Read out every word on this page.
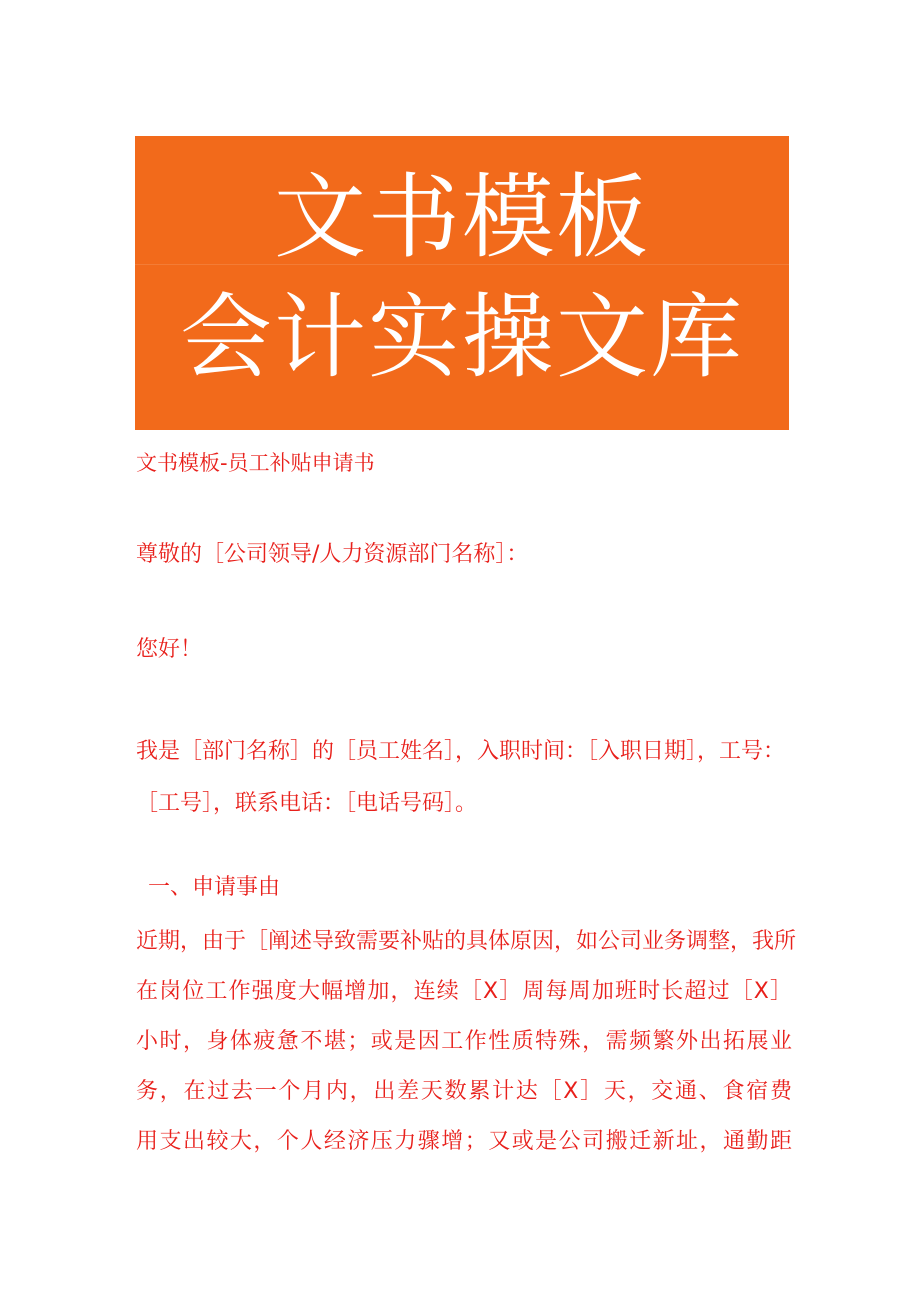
文书模板
会计实操文库
文书模板-员工补贴申请书
尊敬的［公司领导/人力资源部门名称］：
您好！
我是［部门名称］的［员工姓名］，入职时间：［入职日期］，工号：
［工号］，联系电话：［电话号码］。
一、申请事由
近期，由于［阐述导致需要补贴的具体原因，如公司业务调整，我所
在岗位工作强度大幅增加，连续［X］周每周加班时长超过［X］
小时，身体疲惫不堪；或是因工作性质特殊，需频繁外出拓展业
务，在过去一个月内，出差天数累计达［X］天，交通、食宿费
用支出较大，个人经济压力骤增；又或是公司搬迁新址，通勤距
